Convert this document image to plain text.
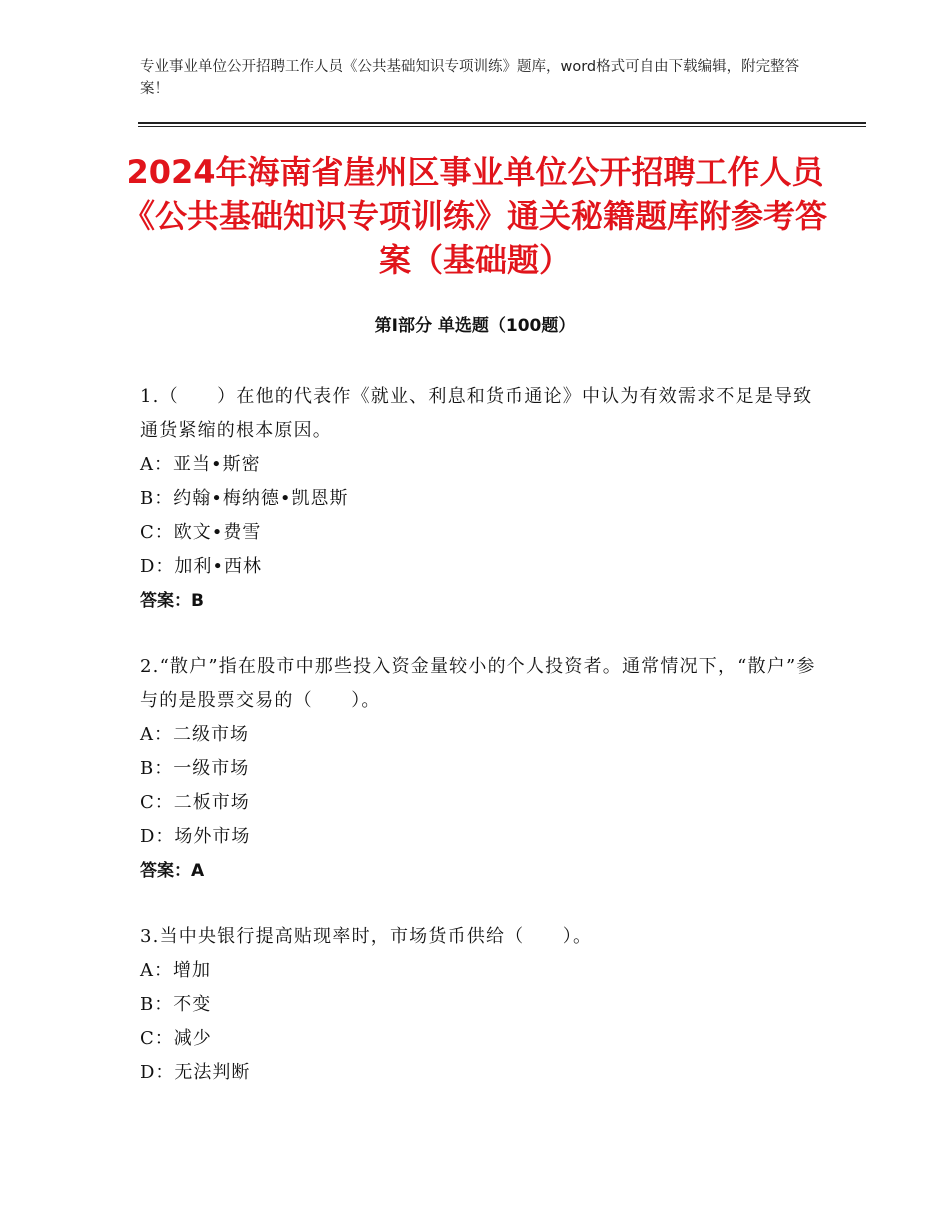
专业事业单位公开招聘工作人员《公共基础知识专项训练》题库，word格式可自由下载编辑，附完整答案！
2024年海南省崖州区事业单位公开招聘工作人员《公共基础知识专项训练》通关秘籍题库附参考答案（基础题）
第Ⅰ部分 单选题（100题）
1.（　　）在他的代表作《就业、利息和货币通论》中认为有效需求不足是导致通货紧缩的根本原因。
A：亚当•斯密
B：约翰•梅纳德•凯恩斯
C：欧文•费雪
D：加利•西林
答案：B
2.“散户”指在股市中那些投入资金量较小的个人投资者。通常情况下，“散户”参与的是股票交易的（　　）。
A：二级市场
B：一级市场
C：二板市场
D：场外市场
答案：A
3.当中央银行提高贴现率时，市场货币供给（　　）。
A：增加
B：不变
C：减少
D：无法判断
